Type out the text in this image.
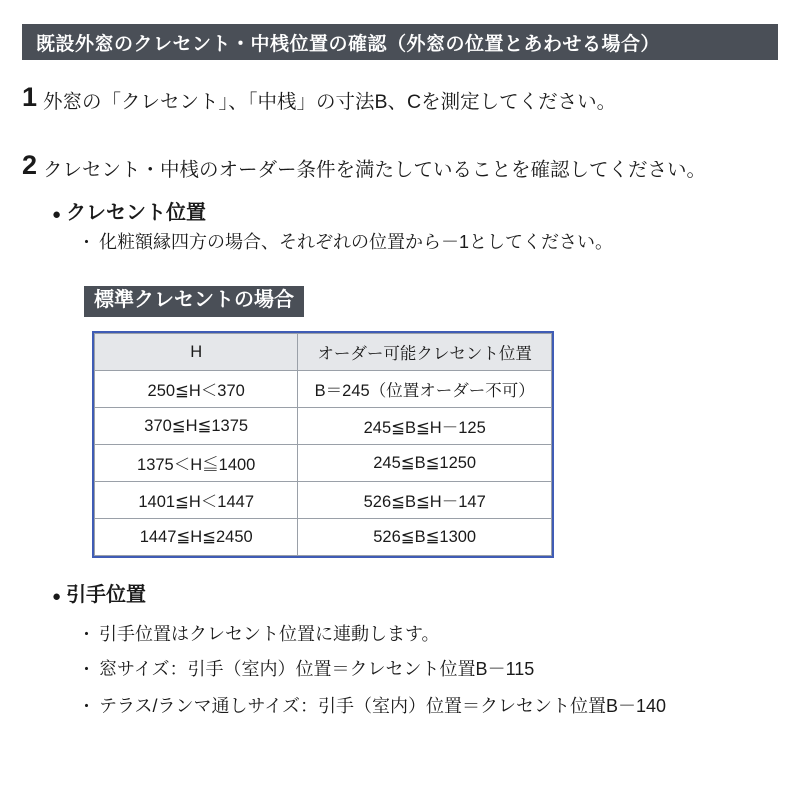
既設外窓のクレセント・中桟位置の確認（外窓の位置とあわせる場合）
1 外窓の「クレセント」、「中桟」の寸法B、Cを測定してください。
2 クレセント・中桟のオーダー条件を満たしていることを確認してください。
● クレセント位置
・ 化粧額縁四方の場合、それぞれの位置から－1としてください。
標準クレセントの場合
H	オーダー可能クレセント位置
250≦H＜370	B＝245（位置オーダー不可）
370≦H≦1375	245≦B≦H－125
1375＜H≦1400	245≦B≦1250
1401≦H＜1447	526≦B≦H－147
1447≦H≦2450	526≦B≦1300
● 引手位置
・ 引手位置はクレセント位置に連動します。
・ 窓サイズ：引手（室内）位置＝クレセント位置B－115
・ テラス/ランマ通しサイズ：引手（室内）位置＝クレセント位置B－140
